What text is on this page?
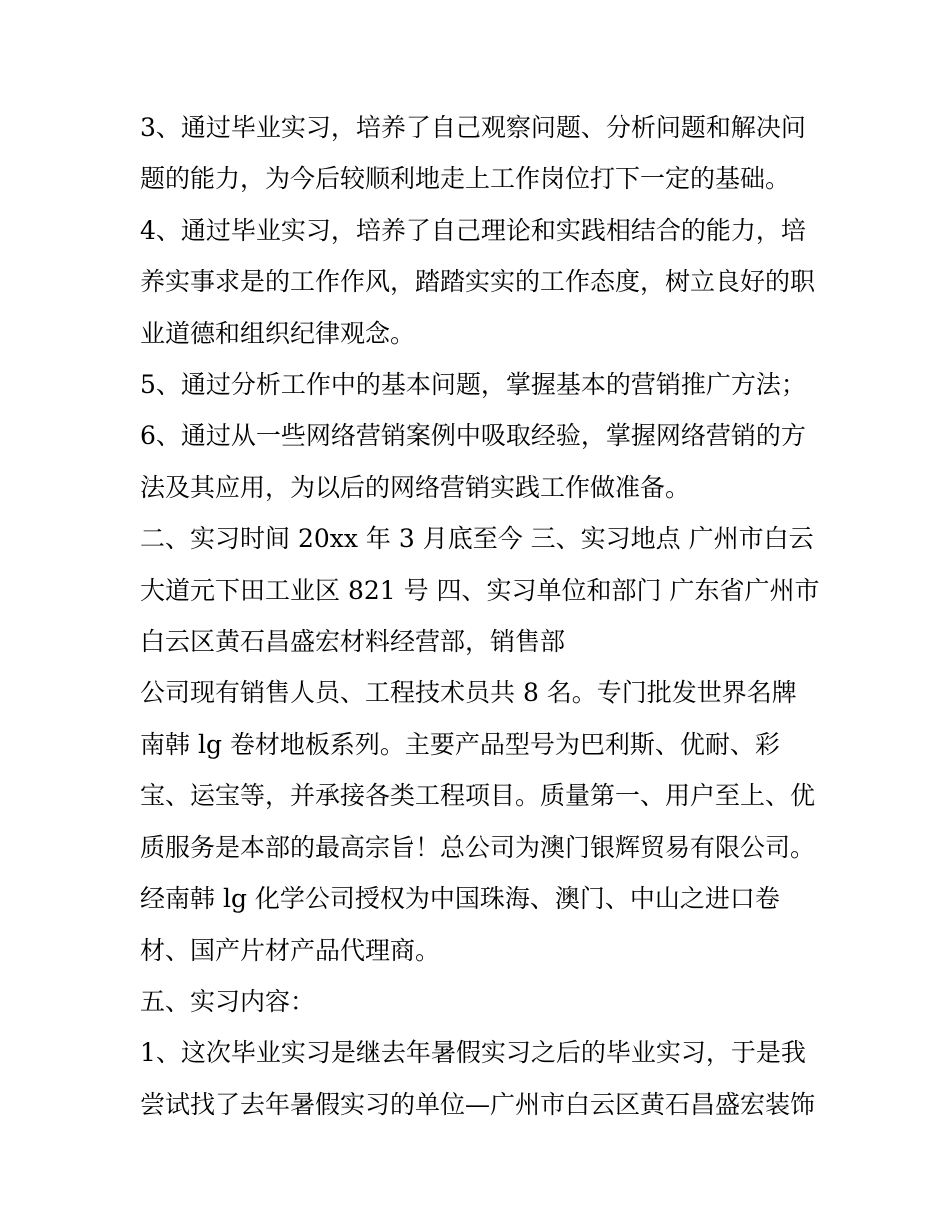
3、通过毕业实习，培养了自己观察问题、分析问题和解决问题的能力，为今后较顺利地走上工作岗位打下一定的基础。

4、通过毕业实习，培养了自己理论和实践相结合的能力，培养实事求是的工作作风，踏踏实实的工作态度，树立良好的职业道德和组织纪律观念。

5、通过分析工作中的基本问题，掌握基本的营销推广方法；

6、通过从一些网络营销案例中吸取经验，掌握网络营销的方法及其应用，为以后的网络营销实践工作做准备。

二、实习时间 20xx 年 3 月底至今 三、实习地点 广州市白云大道元下田工业区 821 号 四、实习单位和部门 广东省广州市白云区黄石昌盛宏材料经营部，销售部

公司现有销售人员、工程技术员共 8 名。专门批发世界名牌南韩 lg 卷材地板系列。主要产品型号为巴利斯、优耐、彩宝、运宝等，并承接各类工程项目。质量第一、用户至上、优质服务是本部的最高宗旨！总公司为澳门银辉贸易有限公司。经南韩 lg 化学公司授权为中国珠海、澳门、中山之进口卷材、国产片材产品代理商。

五、实习内容：

1、这次毕业实习是继去年暑假实习之后的毕业实习，于是我尝试找了去年暑假实习的单位—广州市白云区黄石昌盛宏装饰
